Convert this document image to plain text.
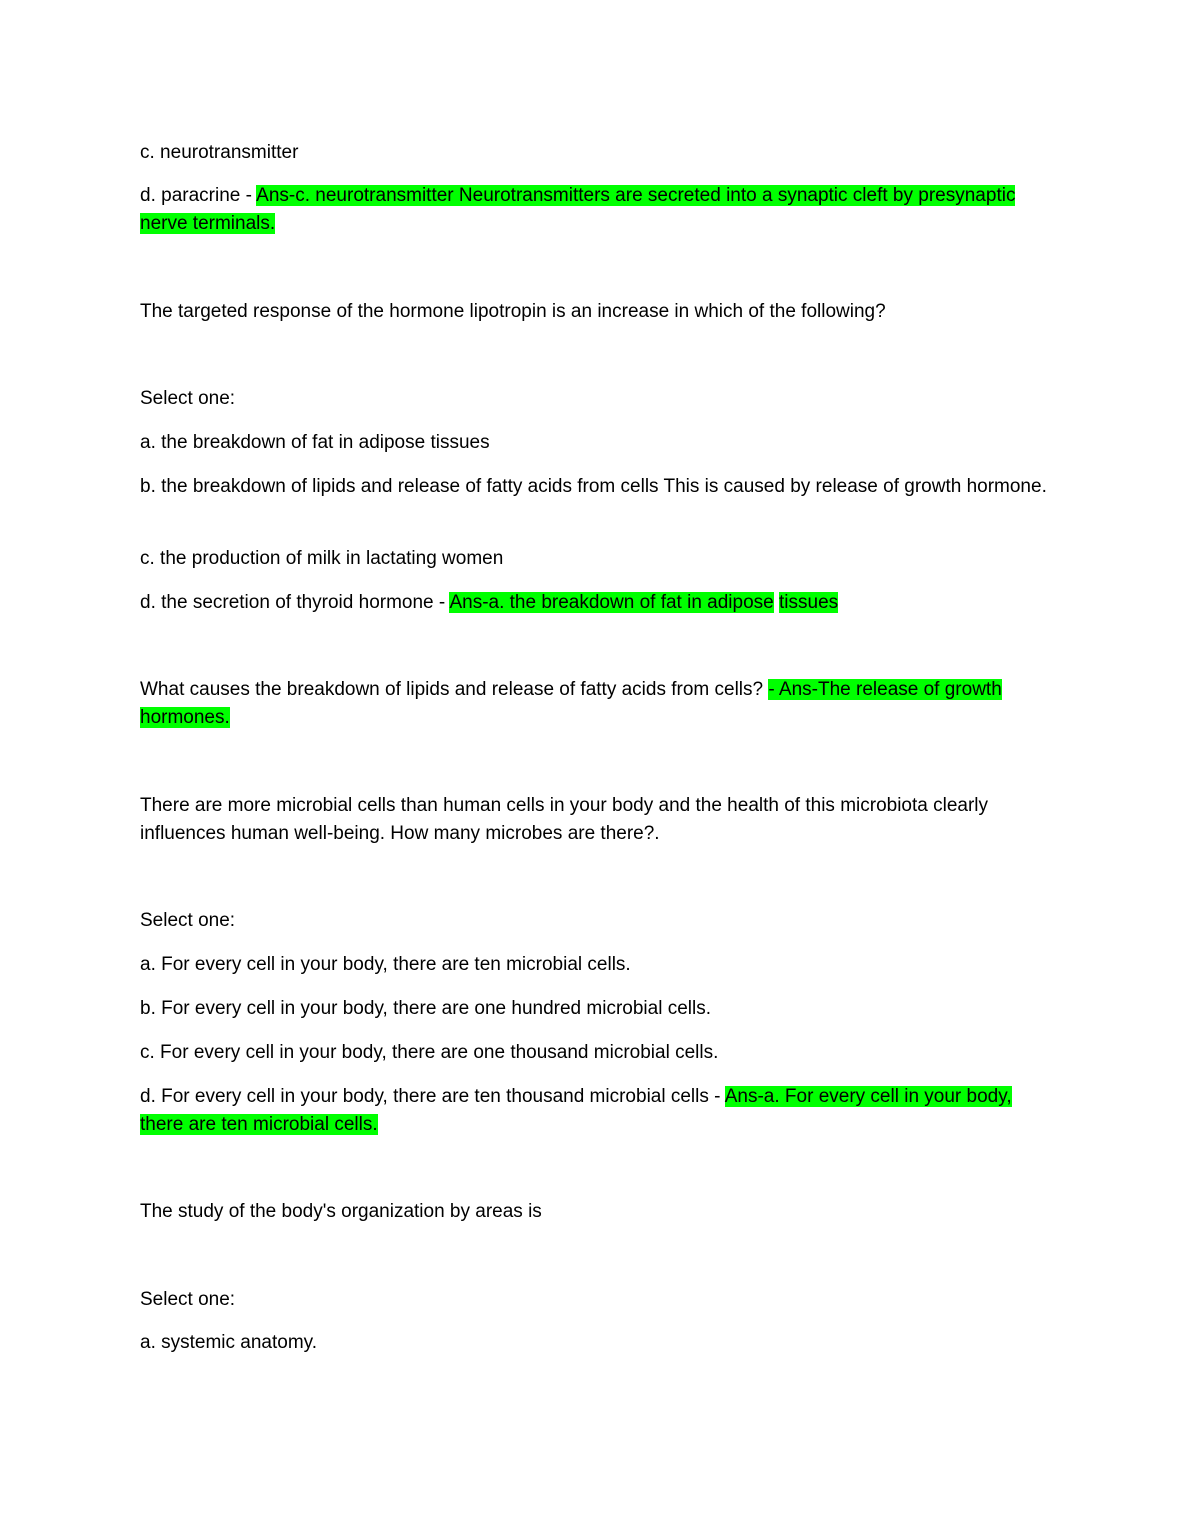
c. neurotransmitter

d. paracrine - Ans-c. neurotransmitter Neurotransmitters are secreted into a synaptic cleft by presynaptic nerve terminals.

The targeted response of the hormone lipotropin is an increase in which of the following?

Select one:

a. the breakdown of fat in adipose tissues

b. the breakdown of lipids and release of fatty acids from cells This is caused by release of growth hormone.

c. the production of milk in lactating women

d. the secretion of thyroid hormone - Ans-a. the breakdown of fat in adipose tissues

What causes the breakdown of lipids and release of fatty acids from cells? - Ans-The release of growth hormones.

There are more microbial cells than human cells in your body and the health of this microbiota clearly influences human well-being. How many microbes are there?.

Select one:

a. For every cell in your body, there are ten microbial cells.

b. For every cell in your body, there are one hundred microbial cells.

c. For every cell in your body, there are one thousand microbial cells.

d. For every cell in your body, there are ten thousand microbial cells - Ans-a. For every cell in your body, there are ten microbial cells.

The study of the body's organization by areas is

Select one:

a. systemic anatomy.
